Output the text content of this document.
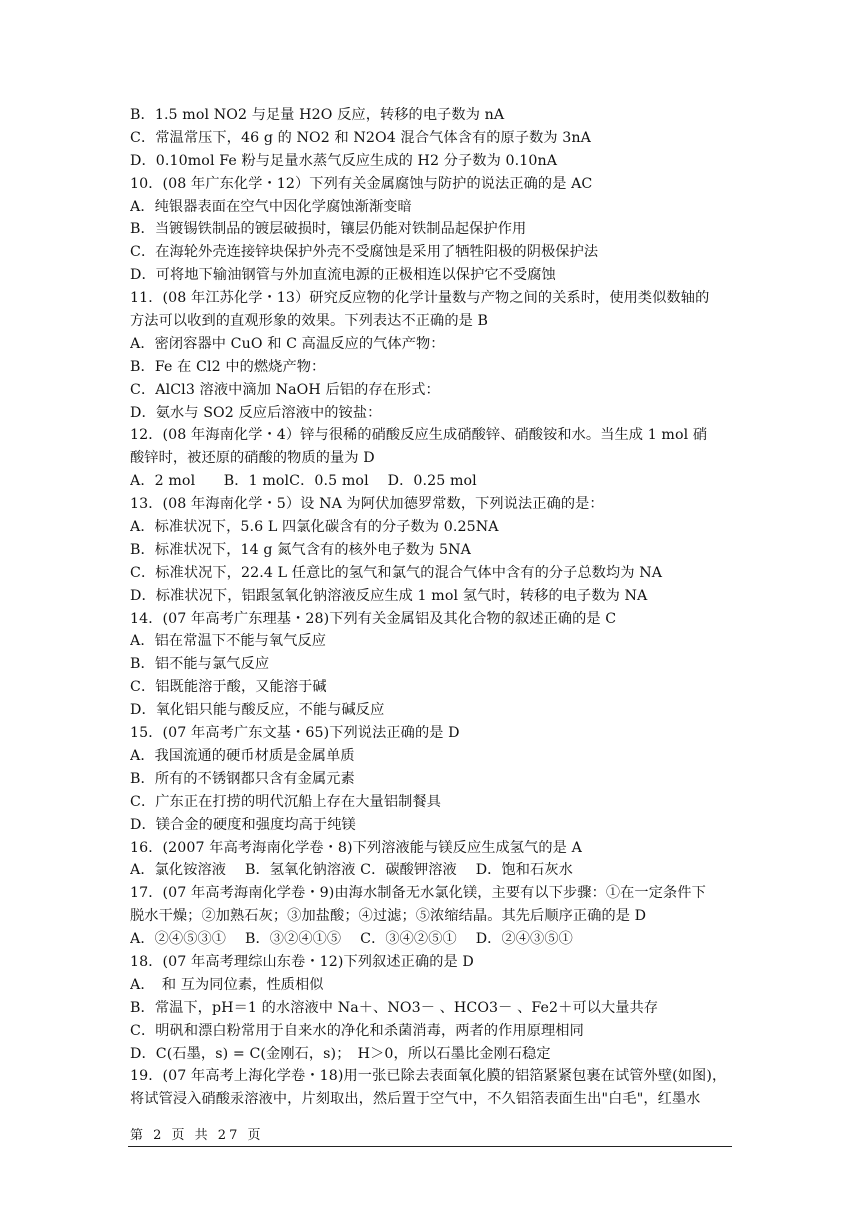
B．1.5 mol NO2 与足量 H2O 反应，转移的电子数为 nA
C．常温常压下，46 g 的 NO2 和 N2O4 混合气体含有的原子数为 3nA
D．0.10mol Fe 粉与足量水蒸气反应生成的 H2 分子数为 0.10nA
10．(08 年广东化学・12）下列有关金属腐蚀与防护的说法正确的是 AC
A．纯银器表面在空气中因化学腐蚀渐渐变暗
B．当镀锡铁制品的镀层破损时，镶层仍能对铁制品起保护作用
C．在海轮外壳连接锌块保护外壳不受腐蚀是采用了牺牲阳极的阴极保护法
D．可将地下输油钢管与外加直流电源的正极相连以保护它不受腐蚀
11．(08 年江苏化学・13）研究反应物的化学计量数与产物之间的关系时，使用类似数轴的
方法可以收到的直观形象的效果。下列表达不正确的是 B
A．密闭容器中 CuO 和 C 高温反应的气体产物：
B．Fe 在 Cl2 中的燃烧产物：
C．AlCl3 溶液中滴加 NaOH 后铝的存在形式：
D．氨水与 SO2 反应后溶液中的铵盐：
12．(08 年海南化学・4）锌与很稀的硝酸反应生成硝酸锌、硝酸铵和水。当生成 1 mol 硝
酸锌时，被还原的硝酸的物质的量为 D
A．2 mol　　B．1 molC．0.5 mol　 D．0.25 mol
13．(08 年海南化学・5）设 NA 为阿伏加德罗常数，下列说法正确的是：
A．标准状况下，5.6 L 四氯化碳含有的分子数为 0.25NA
B．标准状况下，14 g 氮气含有的核外电子数为 5NA
C．标准状况下，22.4 L 任意比的氢气和氯气的混合气体中含有的分子总数均为 NA
D．标准状况下，铝跟氢氧化钠溶液反应生成 1 mol 氢气时，转移的电子数为 NA
14．(07 年高考广东理基・28)下列有关金属铝及其化合物的叙述正确的是 C
A．铝在常温下不能与氧气反应
B．铝不能与氯气反应
C．铝既能溶于酸，又能溶于碱
D．氧化铝只能与酸反应，不能与碱反应
15．(07 年高考广东文基・65)下列说法正确的是 D
A．我国流通的硬币材质是金属单质
B．所有的不锈钢都只含有金属元素
C．广东正在打捞的明代沉船上存在大量铝制餐具
D．镁合金的硬度和强度均高于纯镁
16．(2007 年高考海南化学卷・8)下列溶液能与镁反应生成氢气的是 A
A．氯化铵溶液　 B．氢氧化钠溶液 C．碳酸钾溶液　 D．饱和石灰水
17．(07 年高考海南化学卷・9)由海水制备无水氯化镁，主要有以下步骤：①在一定条件下
脱水干燥；②加熟石灰；③加盐酸；④过滤；⑤浓缩结晶。其先后顺序正确的是 D
A．②④⑤③①　 B．③②④①⑤　 C．③④②⑤①　 D．②④③⑤①
18．(07 年高考理综山东卷・12)下列叙述正确的是 D
A．　和 互为同位素，性质相似
B．常温下，pH＝1 的水溶液中 Na＋、NO3－ 、HCO3－ 、Fe2＋可以大量共存
C．明矾和漂白粉常用于自来水的净化和杀菌消毒，两者的作用原理相同
D．C(石墨，s) = C(金刚石，s)；　H＞0，所以石墨比金刚石稳定
19．(07 年高考上海化学卷・18)用一张已除去表面氧化膜的铝箔紧紧包裹在试管外壁(如图)，
将试管浸入硝酸汞溶液中，片刻取出，然后置于空气中，不久铝箔表面生出"白毛"，红墨水
第 2 页 共 27 页
